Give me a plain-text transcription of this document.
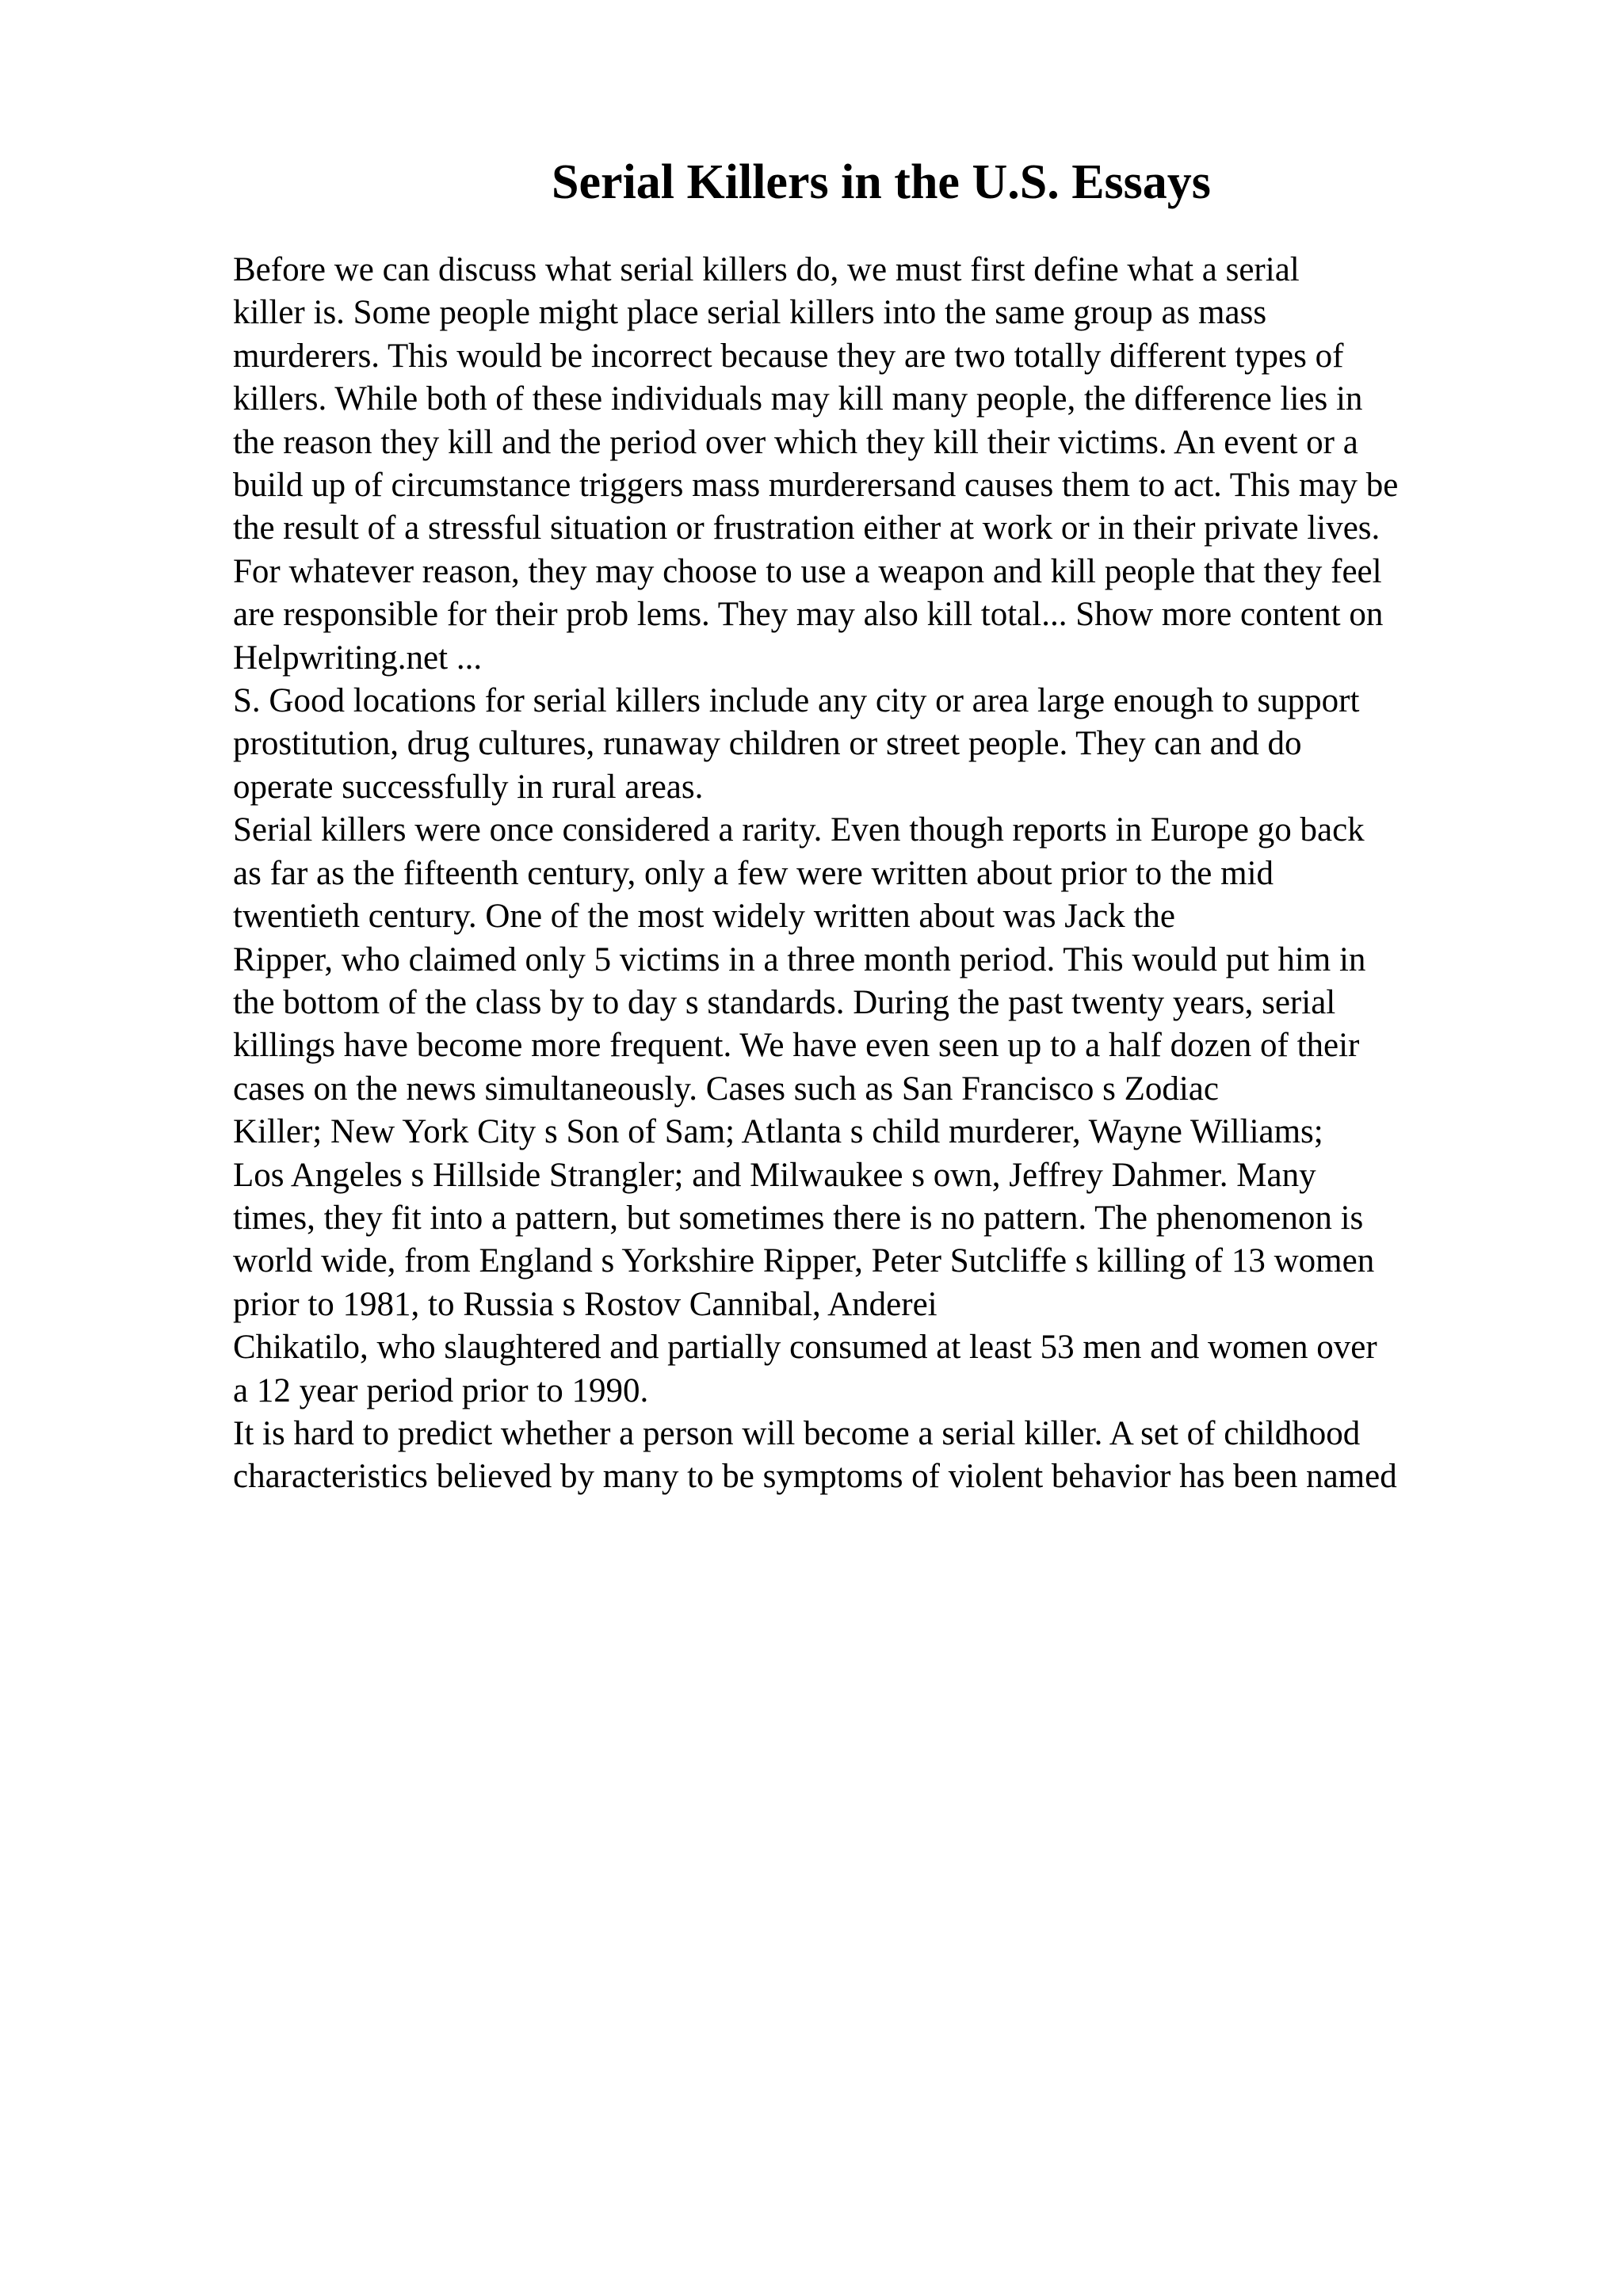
Serial Killers in the U.S. Essays
Before we can discuss what serial killers do, we must first define what a serial
killer is. Some people might place serial killers into the same group as mass
murderers. This would be incorrect because they are two totally different types of
killers. While both of these individuals may kill many people, the difference lies in
the reason they kill and the period over which they kill their victims. An event or a
build up of circumstance triggers mass murderersand causes them to act. This may be
the result of a stressful situation or frustration either at work or in their private lives.
For whatever reason, they may choose to use a weapon and kill people that they feel
are responsible for their prob lems. They may also kill total... Show more content on
Helpwriting.net ...
S. Good locations for serial killers include any city or area large enough to support
prostitution, drug cultures, runaway children or street people. They can and do
operate successfully in rural areas.
Serial killers were once considered a rarity. Even though reports in Europe go back
as far as the fifteenth century, only a few were written about prior to the mid
twentieth century. One of the most widely written about was Jack the
Ripper, who claimed only 5 victims in a three month period. This would put him in
the bottom of the class by to day s standards. During the past twenty years, serial
killings have become more frequent. We have even seen up to a half dozen of their
cases on the news simultaneously. Cases such as San Francisco s Zodiac
Killer; New York City s Son of Sam; Atlanta s child murderer, Wayne Williams;
Los Angeles s Hillside Strangler; and Milwaukee s own, Jeffrey Dahmer. Many
times, they fit into a pattern, but sometimes there is no pattern. The phenomenon is
world wide, from England s Yorkshire Ripper, Peter Sutcliffe s killing of 13 women
prior to 1981, to Russia s Rostov Cannibal, Anderei
Chikatilo, who slaughtered and partially consumed at least 53 men and women over
a 12 year period prior to 1990.
It is hard to predict whether a person will become a serial killer. A set of childhood
characteristics believed by many to be symptoms of violent behavior has been named
